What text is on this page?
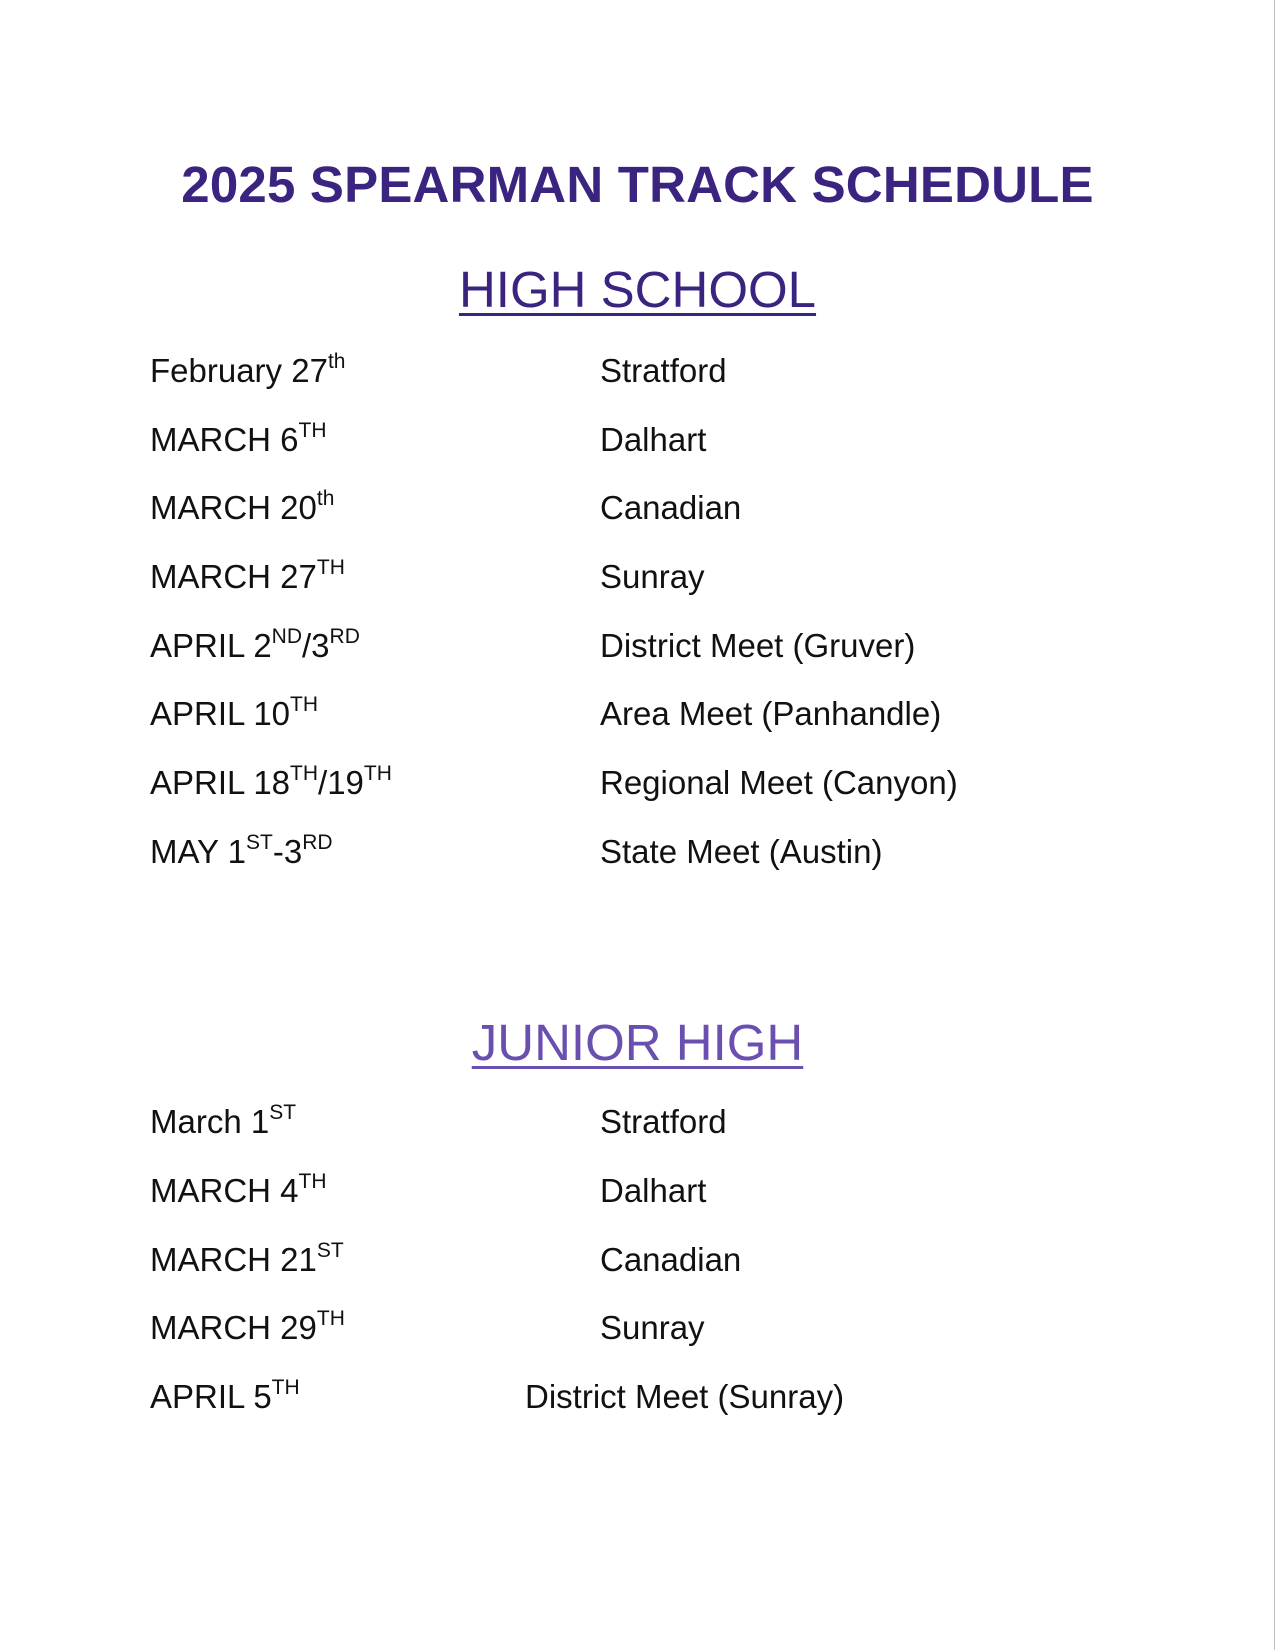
2025 SPEARMAN TRACK SCHEDULE
HIGH SCHOOL
February 27th	Stratford
MARCH 6TH	Dalhart
MARCH 20th	Canadian
MARCH 27TH	Sunray
APRIL 2ND/3RD	District Meet (Gruver)
APRIL 10TH	Area Meet (Panhandle)
APRIL 18TH/19TH	Regional Meet (Canyon)
MAY 1ST-3RD	State Meet (Austin)
JUNIOR HIGH
March 1ST	Stratford
MARCH 4TH	Dalhart
MARCH 21ST	Canadian
MARCH 29TH	Sunray
APRIL 5TH	District Meet (Sunray)
